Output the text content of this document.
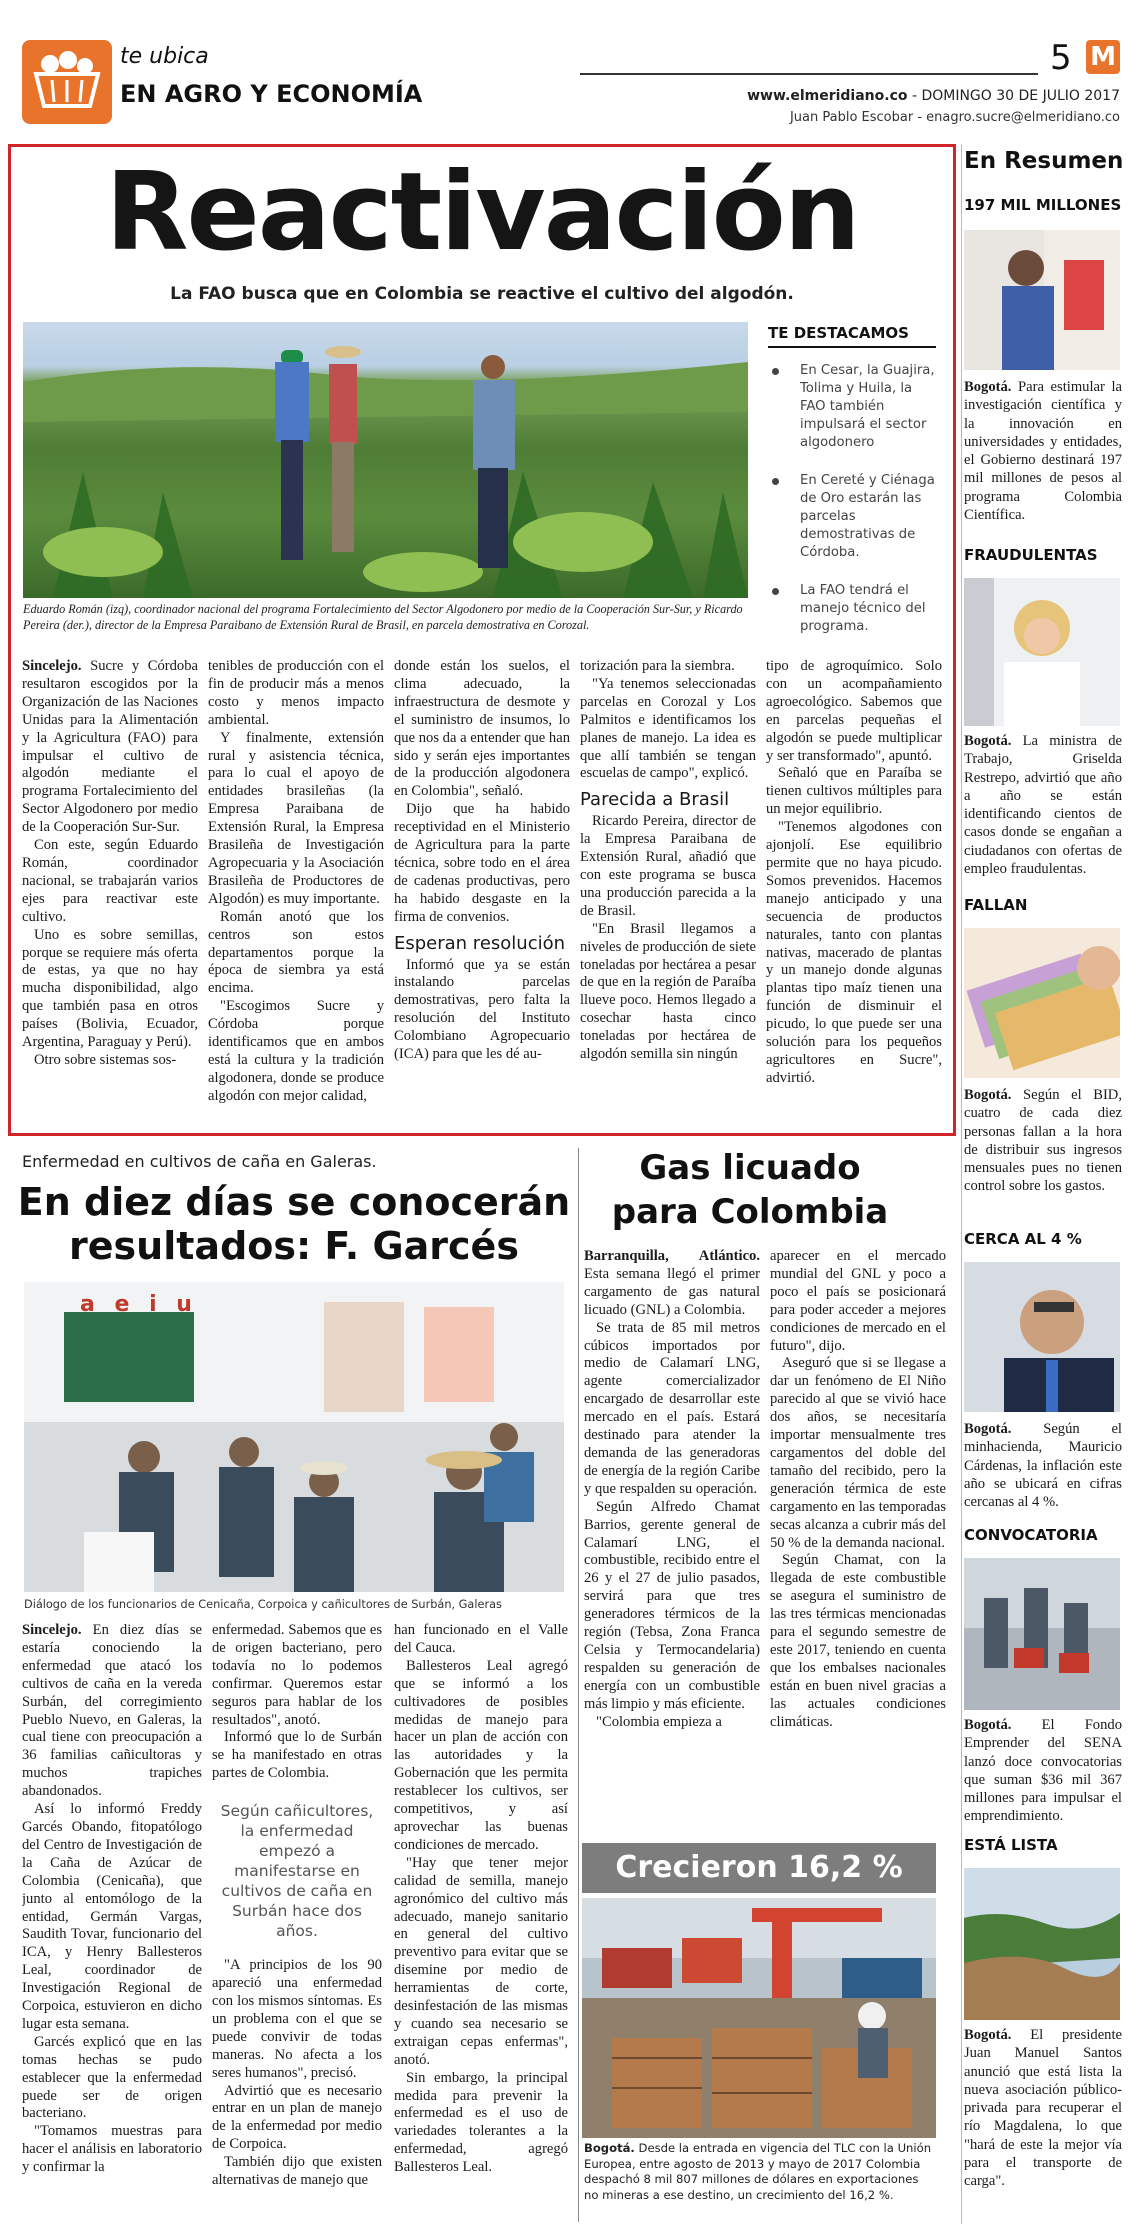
te ubica
EN AGRO Y ECONOMÍA
5 M
www.elmeridiano.co - DOMINGO 30 DE JULIO 2017
Juan Pablo Escobar - enagro.sucre@elmeridiano.co
Reactivación
La FAO busca que en Colombia se reactive el cultivo del algodón.
Eduardo Román (izq), coordinador nacional del programa Fortalecimiento del Sector Algodonero por medio de la Cooperación Sur-Sur, y Ricardo Pereira (der.), director de la Empresa Paraibano de Extensión Rural de Brasil, en parcela demostrativa en Corozal.
TE DESTACAMOS
En Cesar, la Guajira, Tolima y Huila, la FAO también impulsará el sector algodonero
En Cereté y Ciénaga de Oro estarán las parcelas demostrativas de Córdoba.
La FAO tendrá el manejo técnico del programa.

Sincelejo. Sucre y Córdoba resultaron escogidos por la Organización de las Naciones Unidas para la Alimentación y la Agricultura (FAO) para impulsar el cultivo de algodón mediante el programa Fortalecimiento del Sector Algodonero por medio de la Cooperación Sur-Sur.

Con este, según Eduardo Román, coordinador nacional, se trabajarán varios ejes para reactivar este cultivo.

Uno es sobre semillas, porque se requiere más oferta de estas, ya que no hay mucha disponibilidad, algo que también pasa en otros países (Bolivia, Ecuador, Argentina, Paraguay y Perú).

Otro sobre sistemas sos-

tenibles de producción con el fin de producir más a menos costo y menos impacto ambiental.

Y finalmente, extensión rural y asistencia técnica, para lo cual el apoyo de entidades brasileñas (la Empresa Paraibana de Extensión Rural, la Empresa Brasileña de Investigación Agropecuaria y la Asociación Brasileña de Productores de Algodón) es muy importante.

Román anotó que los centros son estos departamentos porque la época de siembra ya está encima.

"Escogimos Sucre y Córdoba porque identificamos que en ambos está la cultura y la tradición algodonera, donde se produce algodón con mejor calidad,

donde están los suelos, el clima adecuado, la infraestructura de desmote y el suministro de insumos, lo que nos da a entender que han sido y serán ejes importantes de la producción algodonera en Colombia", señaló.

Dijo que ha habido receptividad en el Ministerio de Agricultura para la parte técnica, sobre todo en el área de cadenas productivas, pero ha habido desgaste en la firma de convenios.

Esperan resolución

Informó que ya se están instalando parcelas demostrativas, pero falta la resolución del Instituto Colombiano Agropecuario (ICA) para que les dé au-

torización para la siembra.

"Ya tenemos seleccionadas parcelas en Corozal y Los Palmitos e identificamos los planes de manejo. La idea es que allí también se tengan escuelas de campo", explicó.

Parecida a Brasil

Ricardo Pereira, director de la Empresa Paraibana de Extensión Rural, añadió que con este programa se busca una producción parecida a la de Brasil.

"En Brasil llegamos a niveles de producción de siete toneladas por hectárea a pesar de que en la región de Paraíba llueve poco. Hemos llegado a cosechar hasta cinco toneladas por hectárea de algodón semilla sin ningún

tipo de agroquímico. Solo con un acompañamiento agroecológico. Sabemos que en parcelas pequeñas el algodón se puede multiplicar y ser transformado", apuntó.

Señaló que en Paraíba se tienen cultivos múltiples para un mejor equilibrio.

"Tenemos algodones con ajonjolí. Ese equilibrio permite que no haya picudo. Somos prevenidos. Hacemos manejo anticipado y una secuencia de productos naturales, tanto con plantas nativas, macerado de plantas y un manejo donde algunas plantas tipo maíz tienen una función de disminuir el picudo, lo que puede ser una solución para los pequeños agricultores en Sucre", advirtió.

Enfermedad en cultivos de caña en Galeras.
En diez días se conocerán resultados: F. Garcés
a e i u
Diálogo de los funcionarios de Cenicaña, Corpoica y cañicultores de Surbán, Galeras

Sincelejo. En diez días se estaría conociendo la enfermedad que atacó los cultivos de caña en la vereda Surbán, del corregimiento Pueblo Nuevo, en Galeras, la cual tiene con preocupación a 36 familias cañicultoras y muchos trapiches abandonados.

Así lo informó Freddy Garcés Obando, fitopatólogo del Centro de Investigación de la Caña de Azúcar de Colombia (Cenicaña), que junto al entomólogo de la entidad, Germán Vargas, Saudith Tovar, funcionario del ICA, y Henry Ballesteros Leal, coordinador de Investigación Regional de Corpoica, estuvieron en dicho lugar esta semana.

Garcés explicó que en las tomas hechas se pudo establecer que la enfermedad puede ser de origen bacteriano.

"Tomamos muestras para hacer el análisis en laboratorio y confirmar la

enfermedad. Sabemos que es de origen bacteriano, pero todavía no lo podemos confirmar. Queremos estar seguros para hablar de los resultados", anotó.

Informó que lo de Surbán se ha manifestado en otras partes de Colombia.

Según cañicultores, la enfermedad empezó a manifestarse en cultivos de caña en Surbán hace dos años.

"A principios de los 90 apareció una enfermedad con los mismos síntomas. Es un problema con el que se puede convivir de todas maneras. No afecta a los seres humanos", precisó.

Advirtió que es necesario entrar en un plan de manejo de la enfermedad por medio de Corpoica.

También dijo que existen alternativas de manejo que

han funcionado en el Valle del Cauca.

Ballesteros Leal agregó que se informó a los cultivadores de posibles medidas de manejo para hacer un plan de acción con las autoridades y la Gobernación que les permita restablecer los cultivos, ser competitivos, y así aprovechar las buenas condiciones de mercado.

"Hay que tener mejor calidad de semilla, manejo agronómico del cultivo más adecuado, manejo sanitario en general del cultivo preventivo para evitar que se disemine por medio de herramientas de corte, desinfestación de las mismas y cuando sea necesario se extraigan cepas enfermas", anotó.

Sin embargo, la principal medida para prevenir la enfermedad es el uso de variedades tolerantes a la enfermedad, agregó Ballesteros Leal.

Gas licuado para Colombia

Barranquilla, Atlántico. Esta semana llegó el primer cargamento de gas natural licuado (GNL) a Colombia.

Se trata de 85 mil metros cúbicos importados por medio de Calamarí LNG, agente comercializador encargado de desarrollar este mercado en el país. Estará destinado para atender la demanda de las generadoras de energía de la región Caribe y que respalden su operación.

Según Alfredo Chamat Barrios, gerente general de Calamarí LNG, el combustible, recibido entre el 26 y el 27 de julio pasados, servirá para que tres generadores térmicos de la región (Tebsa, Zona Franca Celsia y Termocandelaria) respalden su generación de energía con un combustible más limpio y más eficiente.

"Colombia empieza a

aparecer en el mercado mundial del GNL y poco a poco el país se posicionará para poder acceder a mejores condiciones de mercado en el futuro", dijo.

Aseguró que si se llegase a dar un fenómeno de El Niño parecido al que se vivió hace dos años, se necesitaría importar mensualmente tres cargamentos del doble del tamaño del recibido, pero la generación térmica de este cargamento en las temporadas secas alcanza a cubrir más del 50 % de la demanda nacional.

Según Chamat, con la llegada de este combustible se asegura el suministro de las tres térmicas mencionadas para el segundo semestre de este 2017, teniendo en cuenta que los embalses nacionales están en buen nivel gracias a las actuales condiciones climáticas.

Crecieron 16,2 %
Bogotá. Desde la entrada en vigencia del TLC con la Unión Europea, entre agosto de 2013 y mayo de 2017 Colombia despachó 8 mil 807 millones de dólares en exportaciones no mineras a ese destino, un crecimiento del 16,2 %.
En Resumen
197 MIL MILLONES
Bogotá. Para estimular la investigación científica y la innovación en universidades y entidades, el Gobierno destinará 197 mil millones de pesos al programa Colombia Científica.
FRAUDULENTAS
Bogotá. La ministra de Trabajo, Griselda Restrepo, advirtió que año a año se están identificando cientos de casos donde se engañan a ciudadanos con ofertas de empleo fraudulentas.
FALLAN
Bogotá. Según el BID, cuatro de cada diez personas fallan a la hora de distribuir sus ingresos mensuales pues no tienen control sobre los gastos.
CERCA AL 4 %
Bogotá. Según el minhacienda, Mauricio Cárdenas, la inflación este año se ubicará en cifras cercanas al 4 %.
CONVOCATORIA
Bogotá. El Fondo Emprender del SENA lanzó doce convocatorias que suman $36 mil 367 millones para impulsar el emprendimiento.
ESTÁ LISTA
Bogotá. El presidente Juan Manuel Santos anunció que está lista la nueva asociación público-privada para recuperar el río Magdalena, lo que "hará de este la mejor vía para el transporte de carga".
